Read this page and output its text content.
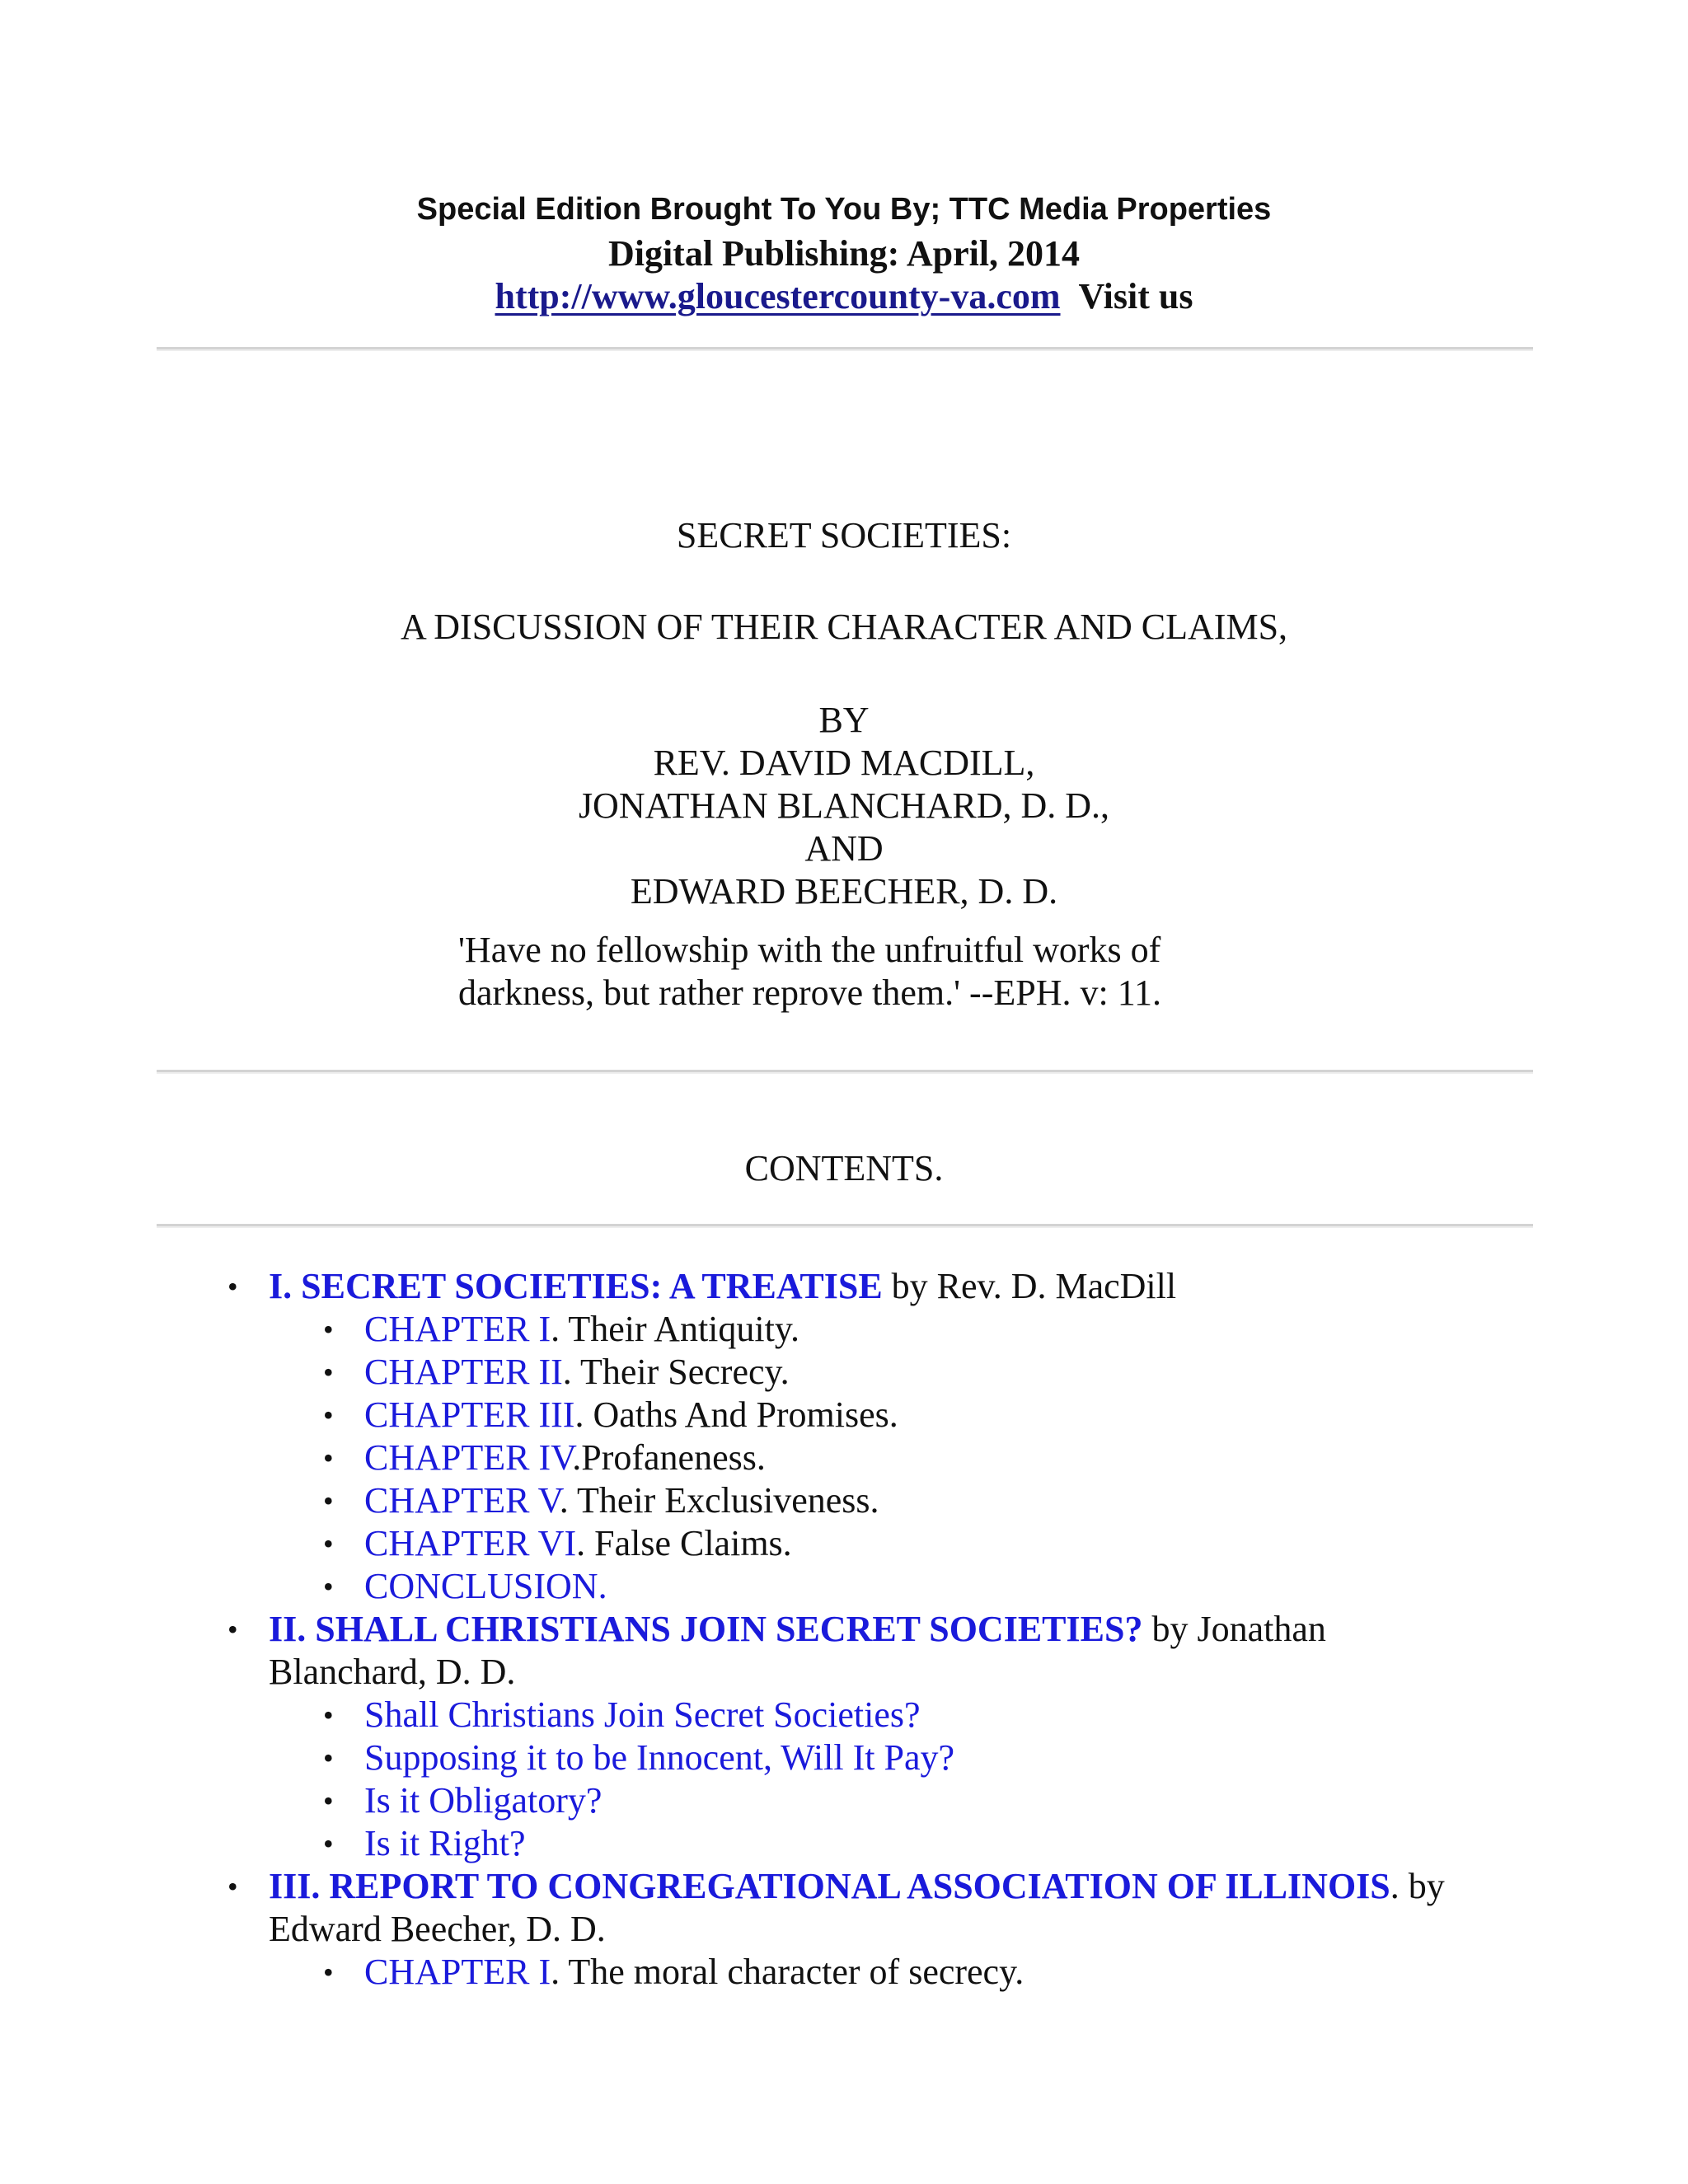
Special Edition Brought To You By; TTC Media Properties
Digital Publishing: April, 2014
http://www.gloucestercounty-va.com Visit us
SECRET SOCIETIES:
A DISCUSSION OF THEIR CHARACTER AND CLAIMS,
BY
REV. DAVID MACDILL,
JONATHAN BLANCHARD, D. D.,
AND
EDWARD BEECHER, D. D.
'Have no fellowship with the unfruitful works of
darkness, but rather reprove them.' --EPH. v: 11.
CONTENTS.
• I. SECRET SOCIETIES: A TREATISE by Rev. D. MacDill
• CHAPTER I. Their Antiquity.
• CHAPTER II. Their Secrecy.
• CHAPTER III. Oaths And Promises.
• CHAPTER IV.Profaneness.
• CHAPTER V. Their Exclusiveness.
• CHAPTER VI. False Claims.
• CONCLUSION.
• II. SHALL CHRISTIANS JOIN SECRET SOCIETIES? by Jonathan Blanchard, D. D.
• Shall Christians Join Secret Societies?
• Supposing it to be Innocent, Will It Pay?
• Is it Obligatory?
• Is it Right?
• III. REPORT TO CONGREGATIONAL ASSOCIATION OF ILLINOIS. by Edward Beecher, D. D.
• CHAPTER I. The moral character of secrecy.
